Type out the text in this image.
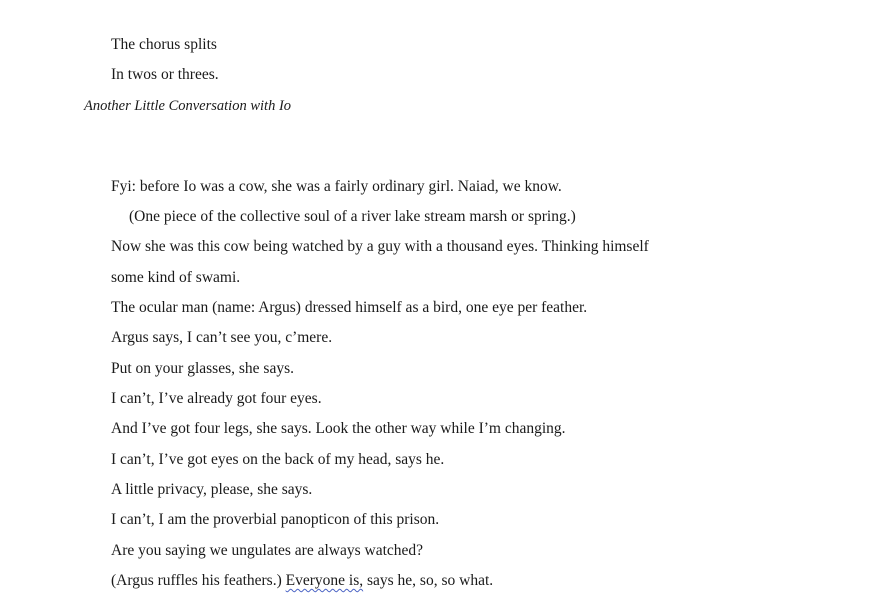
The chorus splits
In twos or threes.
Another Little Conversation with Io
Fyi: before Io was a cow, she was a fairly ordinary girl. Naiad, we know.
(One piece of the collective soul of a river lake stream marsh or spring.)
Now she was this cow being watched by a guy with a thousand eyes. Thinking himself
some kind of swami.
The ocular man (name: Argus) dressed himself as a bird, one eye per feather.
Argus says, I can’t see you, c’mere.
Put on your glasses, she says.
I can’t, I’ve already got four eyes.
And I’ve got four legs, she says. Look the other way while I’m changing.
I can’t, I’ve got eyes on the back of my head, says he.
A little privacy, please, she says.
I can’t, I am the proverbial panopticon of this prison.
Are you saying we ungulates are always watched?
(Argus ruffles his feathers.) Everyone is, says he, so, so what.
